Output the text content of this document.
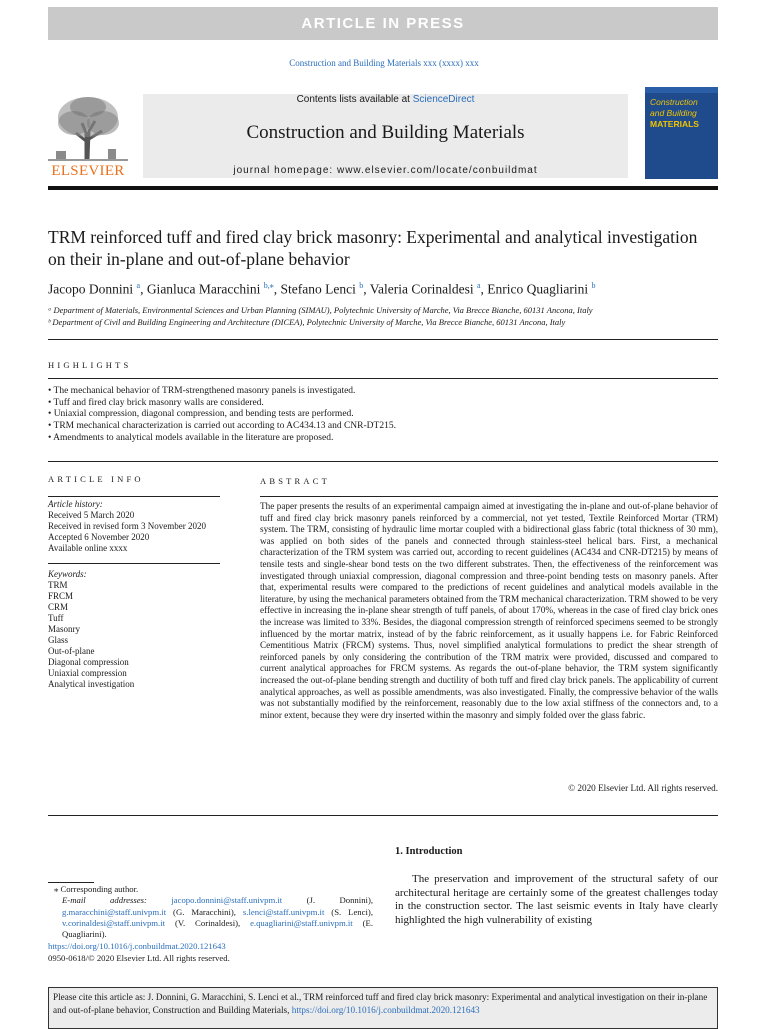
ARTICLE IN PRESS
Construction and Building Materials xxx (xxxx) xxx
ELSEVIER
Contents lists available at ScienceDirect
Construction and Building Materials
journal homepage: www.elsevier.com/locate/conbuildmat
Construction
and Building
MATERIALS
TRM reinforced tuff and fired clay brick masonry: Experimental and analytical investigation on their in-plane and out-of-plane behavior
Jacopo Donnini $^a$, Gianluca Maracchini $^{b,⁎}$, Stefano Lenci $^b$, Valeria Corinaldesi $^a$, Enrico Quagliarini $^b$
ᵃ Department of Materials, Environmental Sciences and Urban Planning (SIMAU), Polytechnic University of Marche, Via Brecce Bianche, 60131 Ancona, Italy
ᵇ Department of Civil and Building Engineering and Architecture (DICEA), Polytechnic University of Marche, Via Brecce Bianche, 60131 Ancona, Italy
HIGHLIGHTS
• The mechanical behavior of TRM-strengthened masonry panels is investigated.
• Tuff and fired clay brick masonry walls are considered.
• Uniaxial compression, diagonal compression, and bending tests are performed.
• TRM mechanical characterization is carried out according to AC434.13 and CNR-DT215.
• Amendments to analytical models available in the literature are proposed.
ARTICLE INFO	ABSTRACT
Article history:
Received 5 March 2020
Received in revised form 3 November 2020
Accepted 6 November 2020
Available online xxxx
Keywords:
TRM
FRCM
CRM
Tuff
Masonry
Glass
Out-of-plane
Diagonal compression
Uniaxial compression
Analytical investigation
The paper presents the results of an experimental campaign aimed at investigating the in-plane and out-of-plane behavior of tuff and fired clay brick masonry panels reinforced by a commercial, not yet tested, Textile Reinforced Mortar (TRM) system. The TRM, consisting of hydraulic lime mortar coupled with a bidirectional glass fabric (total thickness of 30 mm), was applied on both sides of the panels and connected through stainless-steel helical bars. First, a mechanical characterization of the TRM system was carried out, according to recent guidelines (AC434 and CNR-DT215) by means of tensile tests and single-shear bond tests on the two different substrates. Then, the effectiveness of the reinforcement was investigated through uniaxial compression, diagonal compression and three-point bending tests on masonry panels. After that, experimental results were compared to the predictions of recent guidelines and analytical models available in the literature, by using the mechanical parameters obtained from the TRM mechanical characterization. TRM showed to be very effective in increasing the in-plane shear strength of tuff panels, of about 170%, whereas in the case of fired clay brick ones the increase was limited to 33%. Besides, the diagonal compression strength of reinforced specimens seemed to be strongly influenced by the mortar matrix, instead of by the fabric reinforcement, as it usually happens i.e. for Fabric Reinforced Cementitious Matrix (FRCM) systems. Thus, novel simplified analytical formulations to predict the shear strength of reinforced panels by only considering the contribution of the TRM matrix were provided, discussed and compared to current analytical approaches for FRCM systems. As regards the out-of-plane behavior, the TRM system significantly increased the out-of-plane bending strength and ductility of both tuff and fired clay brick panels. The applicability of current analytical approaches, as well as possible amendments, was also investigated. Finally, the compressive behavior of the walls was not substantially modified by the reinforcement, reasonably due to the low axial stiffness of the connectors and, to a minor extent, because they were dry inserted within the masonry and simply folded over the glass fabric.
© 2020 Elsevier Ltd. All rights reserved.
1. Introduction
The preservation and improvement of the structural safety of our architectural heritage are certainly some of the greatest challenges today in the construction sector. The last seismic events in Italy have clearly highlighted the high vulnerability of existing
⁎ Corresponding author.
E-mail addresses:	jacopo.donnini@staff.univpm.it (J. Donnini), g.maracchini@staff.univpm.it (G. Maracchini), s.lenci@staff.univpm.it (S. Lenci), v.corinaldesi@staff.univpm.it (V. Corinaldesi), e.quagliarini@staff.univpm.it (E. Quagliarini).
https://doi.org/10.1016/j.conbuildmat.2020.121643
0950-0618/© 2020 Elsevier Ltd. All rights reserved.
Please cite this article as: J. Donnini, G. Maracchini, S. Lenci et al., TRM reinforced tuff and fired clay brick masonry: Experimental and analytical investigation on their in-plane and out-of-plane behavior, Construction and Building Materials, https://doi.org/10.1016/j.conbuildmat.2020.121643
